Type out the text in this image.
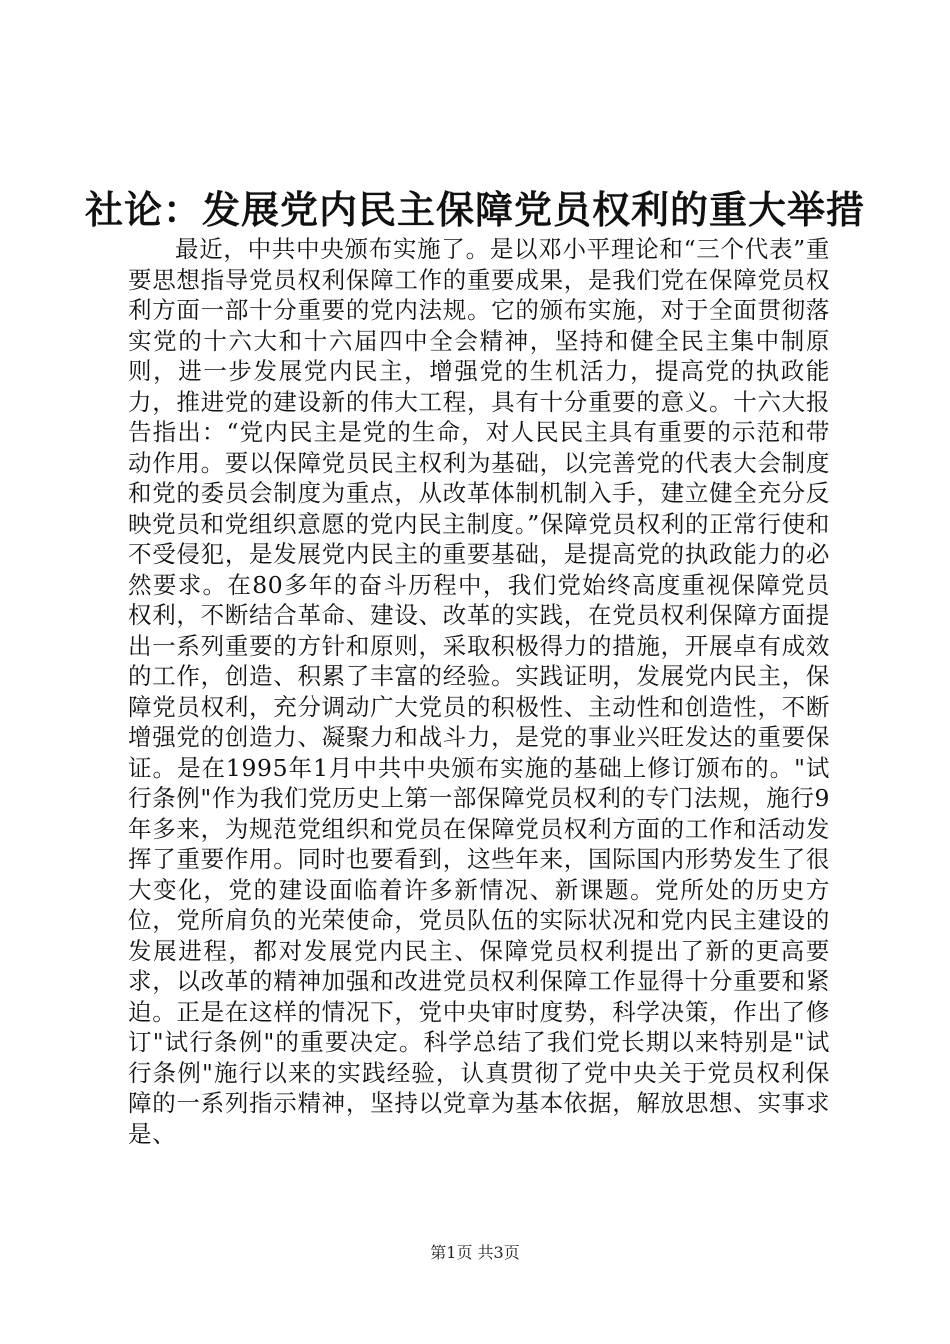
社论：发展党内民主保障党员权利的重大举措

最近，中共中央颁布实施了。是以邓小平理论和“三个代表”重要思想指导党员权利保障工作的重要成果，是我们党在保障党员权利方面一部十分重要的党内法规。它的颁布实施，对于全面贯彻落实党的十六大和十六届四中全会精神，坚持和健全民主集中制原则，进一步发展党内民主，增强党的生机活力，提高党的执政能力，推进党的建设新的伟大工程，具有十分重要的意义。十六大报告指出：“党内民主是党的生命，对人民民主具有重要的示范和带动作用。要以保障党员民主权利为基础，以完善党的代表大会制度和党的委员会制度为重点，从改革体制机制入手，建立健全充分反映党员和党组织意愿的党内民主制度。”保障党员权利的正常行使和不受侵犯，是发展党内民主的重要基础，是提高党的执政能力的必然要求。在80多年的奋斗历程中，我们党始终高度重视保障党员权利，不断结合革命、建设、改革的实践，在党员权利保障方面提出一系列重要的方针和原则，采取积极得力的措施，开展卓有成效的工作，创造、积累了丰富的经验。实践证明，发展党内民主，保障党员权利，充分调动广大党员的积极性、主动性和创造性，不断增强党的创造力、凝聚力和战斗力，是党的事业兴旺发达的重要保证。是在1995年1月中共中央颁布实施的基础上修订颁布的。"试行条例"作为我们党历史上第一部保障党员权利的专门法规，施行9年多来，为规范党组织和党员在保障党员权利方面的工作和活动发挥了重要作用。同时也要看到，这些年来，国际国内形势发生了很大变化，党的建设面临着许多新情况、新课题。党所处的历史方位，党所肩负的光荣使命，党员队伍的实际状况和党内民主建设的发展进程，都对发展党内民主、保障党员权利提出了新的更高要求，以改革的精神加强和改进党员权利保障工作显得十分重要和紧迫。正是在这样的情况下，党中央审时度势，科学决策，作出了修订"试行条例"的重要决定。科学总结了我们党长期以来特别是"试行条例"施行以来的实践经验，认真贯彻了党中央关于党员权利保障的一系列指示精神，坚持以党章为基本依据，解放思想、实事求是、

第1页 共3页
